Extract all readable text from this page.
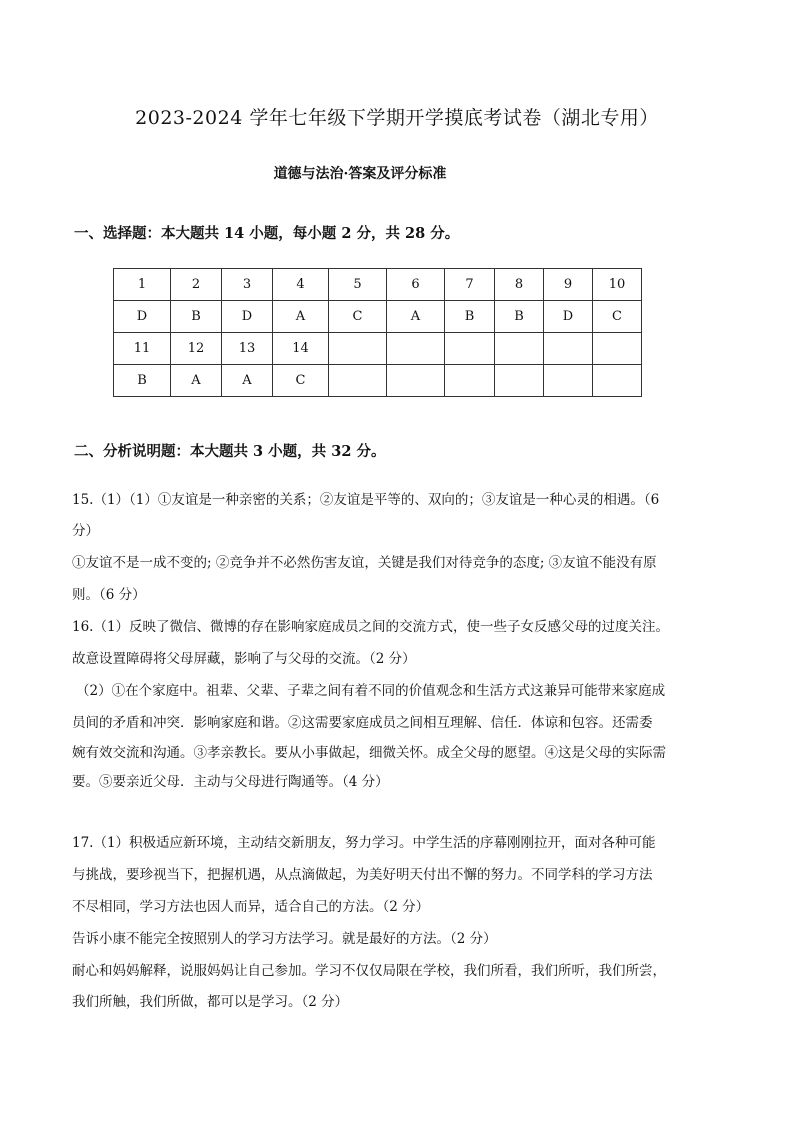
2023-2024 学年七年级下学期开学摸底考试卷（湖北专用）
道德与法治·答案及评分标准
一、选择题：本大题共 14 小题，每小题 2 分，共 28 分。
1	2	3	4	5	6	7	8	9	10
D	B	D	A	C	A	B	B	D	C
11	12	13	14						
B	A	A	C						
二、分析说明题：本大题共 3 小题，共 32 分。
15.（1）（1）①友谊是一种亲密的关系；②友谊是平等的、双向的；③友谊是一种心灵的相遇。（6
分）
①友谊不是一成不变的; ②竞争并不必然伤害友谊，关键是我们对待竞争的态度; ③友谊不能没有原
则。（6 分）
16.（1）反映了微信、微博的存在影响家庭成员之间的交流方式，使一些子女反感父母的过度关注。
故意设置障碍将父母屏藏，影响了与父母的交流。（2 分）
（2）①在个家庭中。祖辈、父辈、子辈之间有着不同的价值观念和生活方式这兼异可能带来家庭成
员间的矛盾和冲突．影响家庭和谐。②这需要家庭成员之间相互理解、信任．体谅和包容。还需委
婉有效交流和沟通。③孝亲教长。要从小事做起，细微关怀。成全父母的愿望。④这是父母的实际需
要。⑤要亲近父母．主动与父母进行陶通等。（4 分）
17.（1）积极适应新环境，主动结交新朋友，努力学习。中学生活的序幕刚刚拉开，面对各种可能
与挑战，要珍视当下，把握机遇，从点滴做起，为美好明天付出不懈的努力。不同学科的学习方法
不尽相同，学习方法也因人而异，适合自己的方法。（2 分）
告诉小康不能完全按照别人的学习方法学习。就是最好的方法。（2 分）
耐心和妈妈解释，说服妈妈让自己参加。学习不仅仅局限在学校，我们所看，我们所听，我们所尝，
我们所触，我们所做，都可以是学习。（2 分）
